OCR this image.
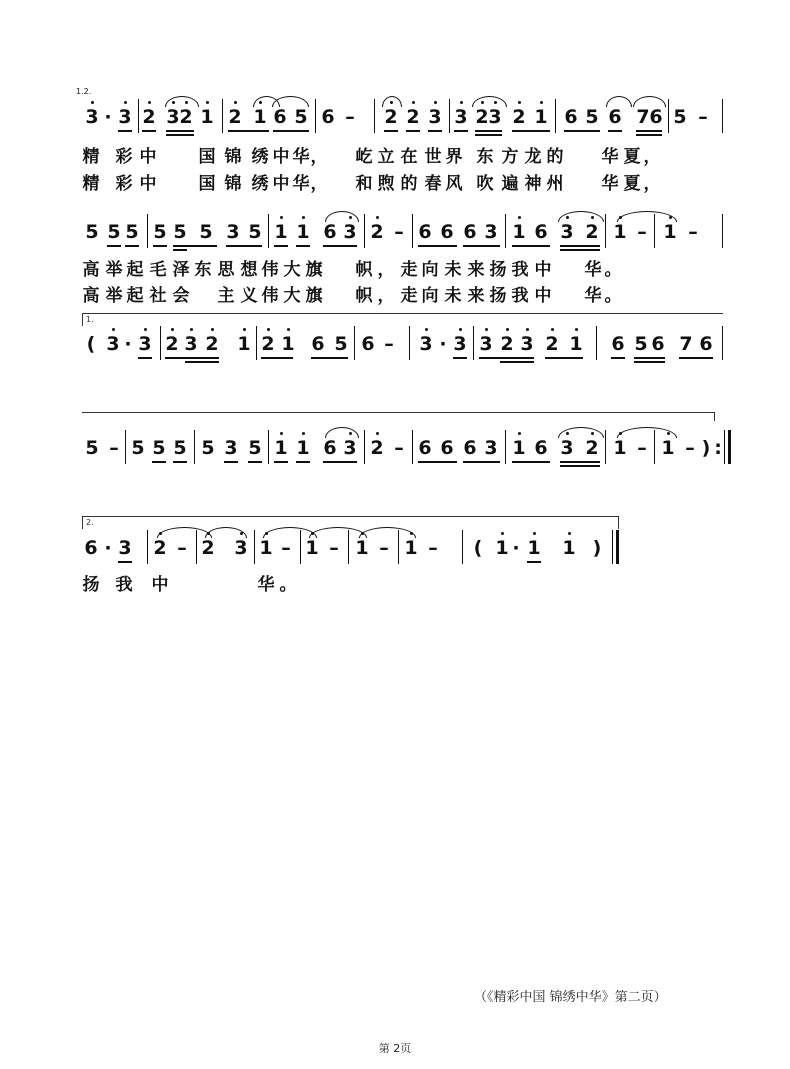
1.2.
3 · 3 2 3 2 1 2 1 6 5 6 – 2 2 3 3 2 3 2 1 6 5 6 7 6 5 –
精 彩 中 国 锦 绣 中 华 ， 屹 立 在 世 界 东 方 龙 的 华 夏 ，
精 彩 中 国 锦 绣 中 华 ， 和 煦 的 春 风 吹 遍 神 州 华 夏 ，
5 5 5 5 5 5 3 5 1 1 6 3 2 – 6 6 6 3 1 6 3 2 1 – 1 –
高 举 起 毛 泽 东 思 想 伟 大 旗 帜 ， 走 向 未 来 扬 我 中 华 。
高 举 起 社 会 主 义 伟 大 旗 帜 ， 走 向 未 来 扬 我 中 华 。
1.
( 3 · 3 2 3 2 1 2 1 6 5 6 – 3 · 3 3 2 3 2 1 6 5 6 7 6
5 – 5 5 5 5 3 5 1 1 6 3 2 – 6 6 6 3 1 6 3 2 1 – 1 – ) :
2.
6 · 3 2 – 2 3 1 – 1 – 1 – 1 – ( 1 · 1 1 )
扬 我 中	华 。
（《精彩中国 锦绣中华》第二页）
第 2页
